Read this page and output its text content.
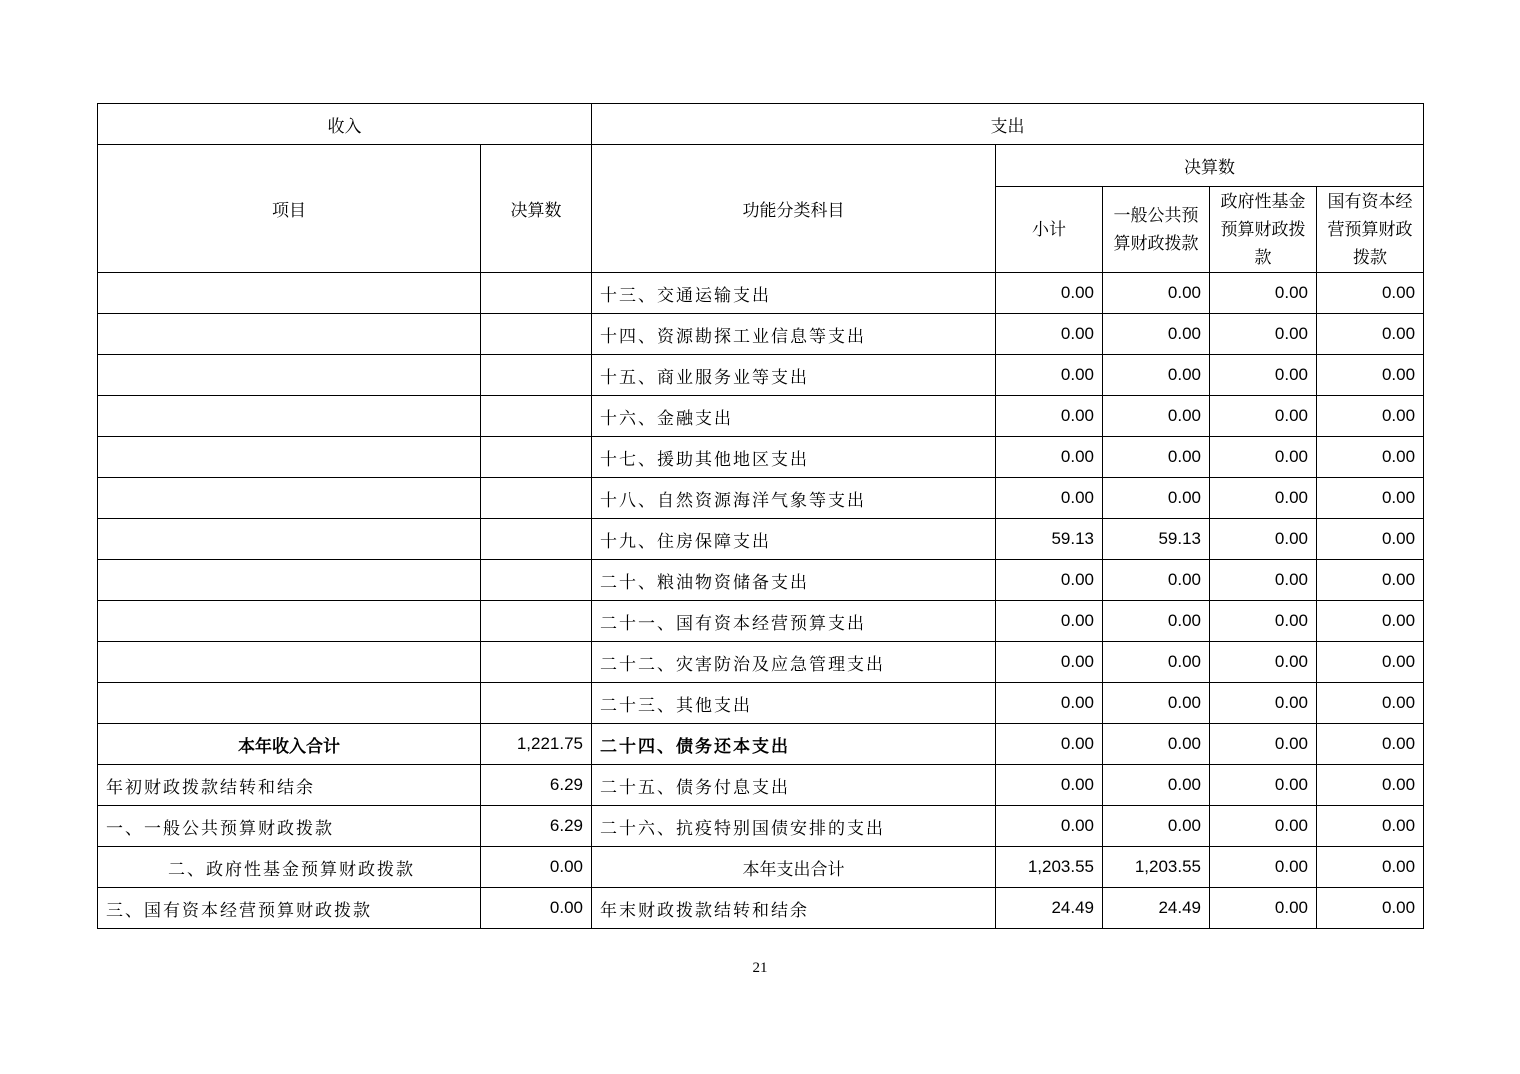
收入		支出				
项目	决算数	功能分类科目	决算数			
			小计	一般公共预算财政拨款	政府性基金预算财政拨款	国有资本经营预算财政拨款
		十三、交通运输支出	0.00	0.00	0.00	0.00
		十四、资源勘探工业信息等支出	0.00	0.00	0.00	0.00
		十五、商业服务业等支出	0.00	0.00	0.00	0.00
		十六、金融支出	0.00	0.00	0.00	0.00
		十七、援助其他地区支出	0.00	0.00	0.00	0.00
		十八、自然资源海洋气象等支出	0.00	0.00	0.00	0.00
		十九、住房保障支出	59.13	59.13	0.00	0.00
		二十、粮油物资储备支出	0.00	0.00	0.00	0.00
		二十一、国有资本经营预算支出	0.00	0.00	0.00	0.00
		二十二、灾害防治及应急管理支出	0.00	0.00	0.00	0.00
		二十三、其他支出	0.00	0.00	0.00	0.00
本年收入合计	1,221.75	二十四、债务还本支出	0.00	0.00	0.00	0.00
年初财政拨款结转和结余	6.29	二十五、债务付息支出	0.00	0.00	0.00	0.00
一、一般公共预算财政拨款	6.29	二十六、抗疫特别国债安排的支出	0.00	0.00	0.00	0.00
二、政府性基金预算财政拨款	0.00	本年支出合计	1,203.55	1,203.55	0.00	0.00
三、国有资本经营预算财政拨款	0.00	年末财政拨款结转和结余	24.49	24.49	0.00	0.00
21
